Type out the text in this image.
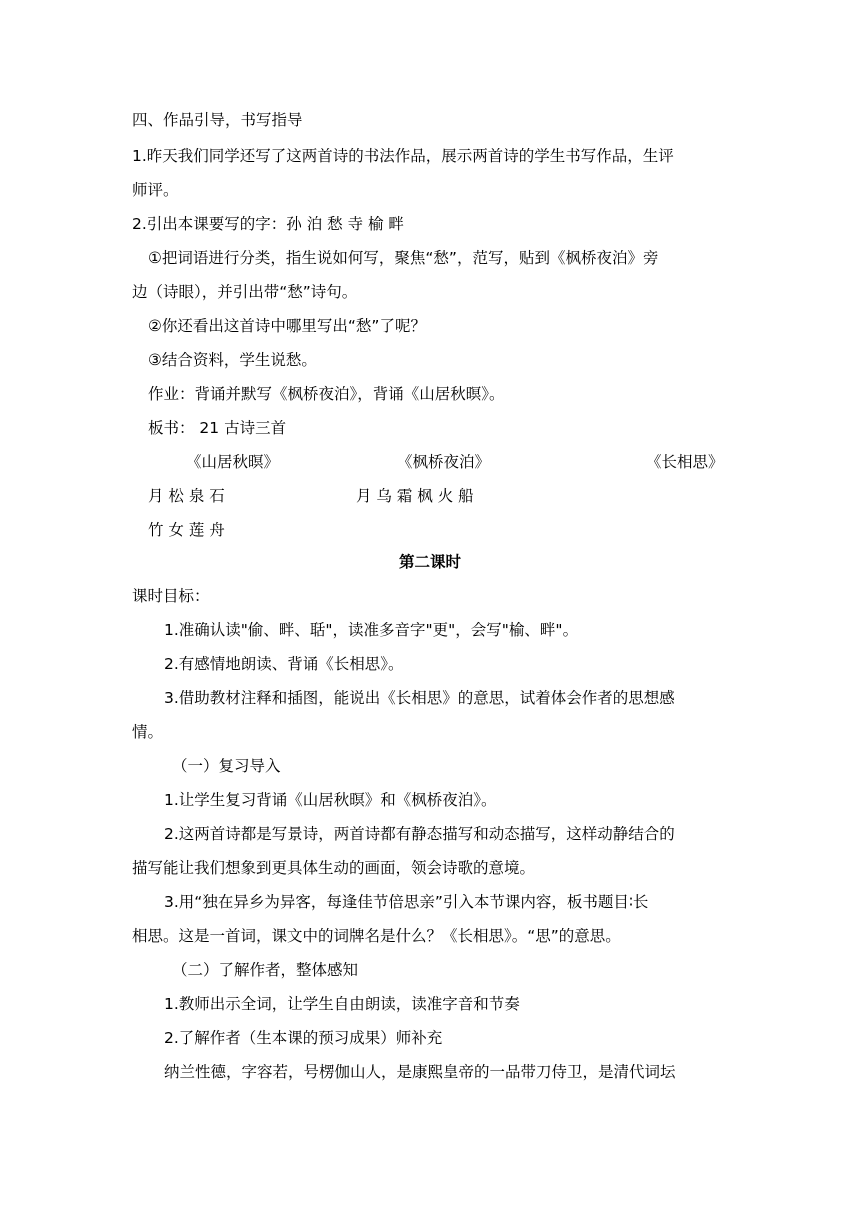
四、作品引导，书写指导
1.昨天我们同学还写了这两首诗的书法作品，展示两首诗的学生书写作品，生评
师评。
2.引出本课要写的字：孙 泊 愁 寺 榆 畔
①把词语进行分类，指生说如何写，聚焦“愁”，范写，贴到《枫桥夜泊》旁
边（诗眼），并引出带“愁”诗句。
②你还看出这首诗中哪里写出“愁”了呢？
③结合资料，学生说愁。
作业：背诵并默写《枫桥夜泊》，背诵《山居秋暝》。
板书： 21 古诗三首
《山居秋暝》	《枫桥夜泊》	《长相思》
月 松 泉 石	月 乌 霜 枫 火 船
竹 女 莲 舟
第二课时
课时目标：
1.准确认读"偷、畔、聒"，读准多音字"更"，会写"榆、畔"。
2.有感情地朗读、背诵《长相思》。
3.借助教材注释和插图，能说出《长相思》的意思，试着体会作者的思想感
情。
（一）复习导入
1.让学生复习背诵《山居秋暝》和《枫桥夜泊》。
2.这两首诗都是写景诗，两首诗都有静态描写和动态描写，这样动静结合的
描写能让我们想象到更具体生动的画面，领会诗歌的意境。
3.用“独在异乡为异客，每逢佳节倍思亲”引入本节课内容，板书题目∶长
相思。这是一首词，课文中的词牌名是什么？《长相思》。“思”的意思。
（二）了解作者，整体感知
1.教师出示全词，让学生自由朗读，读准字音和节奏
2.了解作者（生本课的预习成果）师补充
纳兰性德，字容若，号楞伽山人，是康熙皇帝的一品带刀侍卫，是清代词坛
